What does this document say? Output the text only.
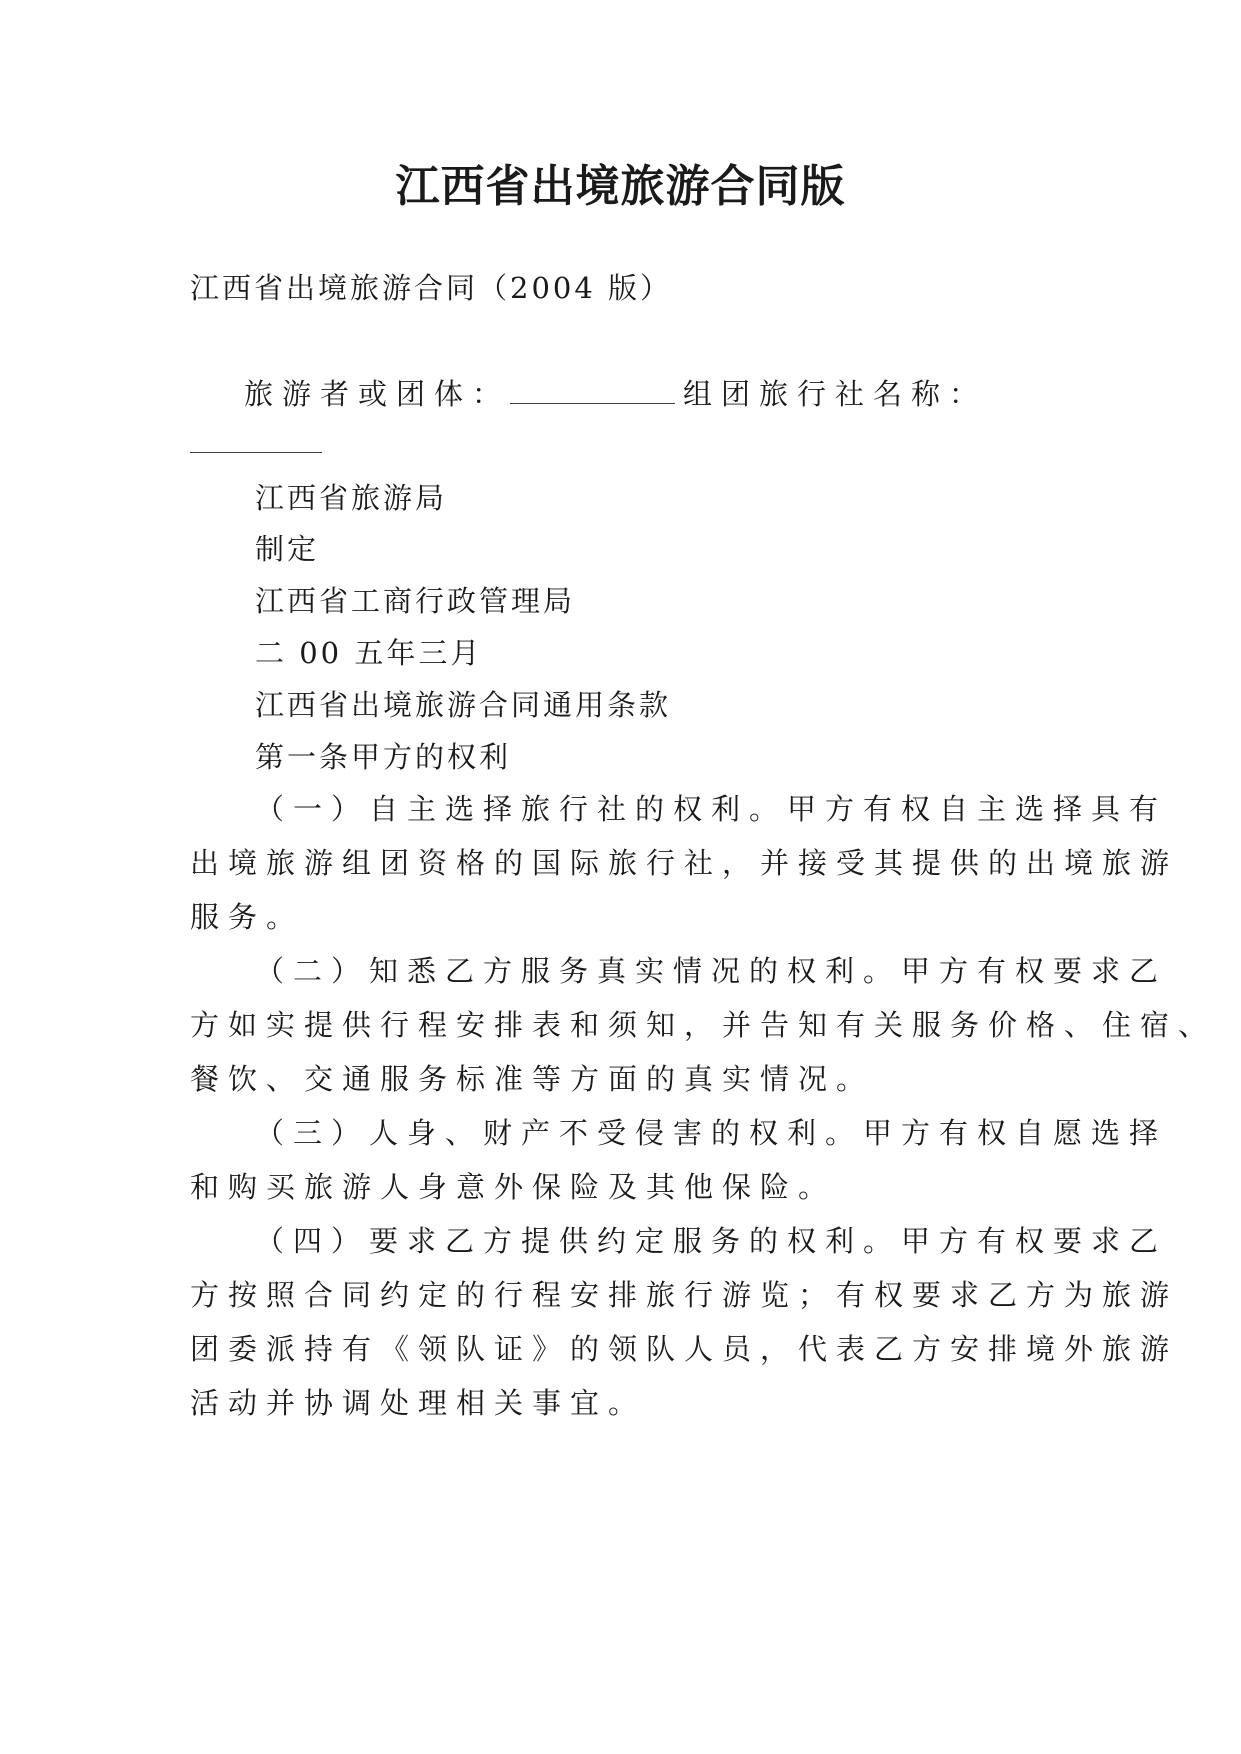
江西省出境旅游合同版
江西省出境旅游合同（2004 版）
旅游者或团体：	组团旅行社名称：
江西省旅游局
制定
江西省工商行政管理局
二 00 五年三月
江西省出境旅游合同通用条款
第一条甲方的权利
（一）自主选择旅行社的权利。甲方有权自主选择具有
出境旅游组团资格的国际旅行社，并接受其提供的出境旅游
服务。
（二）知悉乙方服务真实情况的权利。甲方有权要求乙
方如实提供行程安排表和须知，并告知有关服务价格、住宿、
餐饮、交通服务标准等方面的真实情况。
（三）人身、财产不受侵害的权利。甲方有权自愿选择
和购买旅游人身意外保险及其他保险。
（四）要求乙方提供约定服务的权利。甲方有权要求乙
方按照合同约定的行程安排旅行游览；有权要求乙方为旅游
团委派持有《领队证》的领队人员，代表乙方安排境外旅游
活动并协调处理相关事宜。
